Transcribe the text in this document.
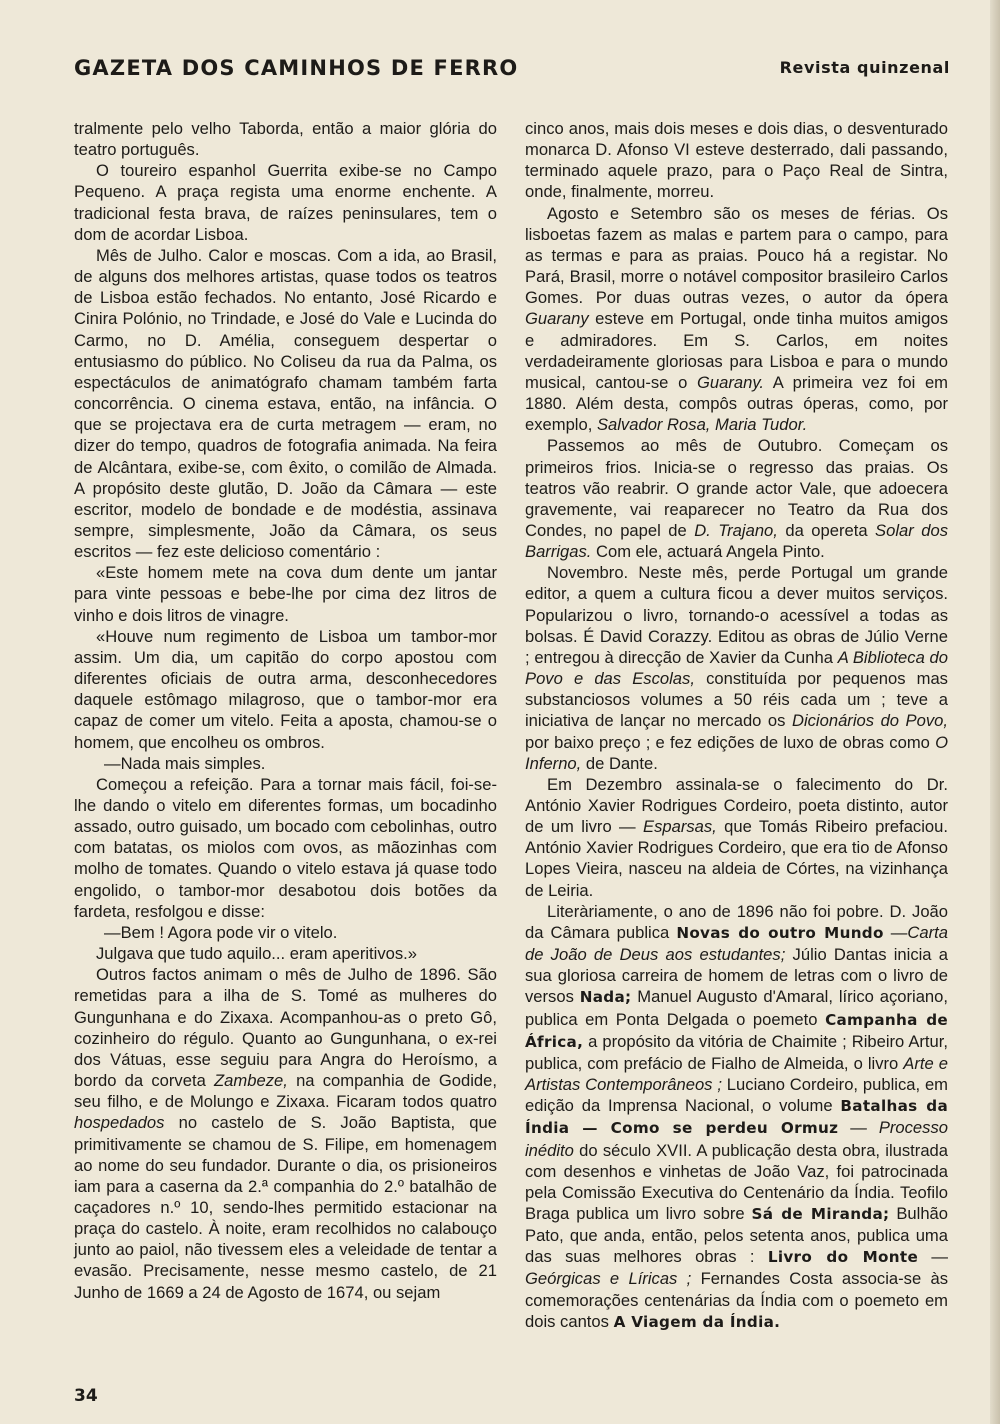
GAZETA DOS CAMINHOS DE FERRO	Revista quinzenal

tralmente pelo velho Taborda, então a maior glória do teatro português.

O toureiro espanhol Guerrita exibe-se no Campo Pequeno. A praça regista uma enorme enchente. A tradicional festa brava, de raízes peninsulares, tem o dom de acordar Lisboa.

Mês de Julho. Calor e moscas. Com a ida, ao Brasil, de alguns dos melhores artistas, quase todos os teatros de Lisboa estão fechados. No entanto, José Ricardo e Cinira Polónio, no Trindade, e José do Vale e Lucinda do Carmo, no D. Amélia, conseguem despertar o entusiasmo do público. No Coliseu da rua da Palma, os espectáculos de animatógrafo chamam também farta concorrência. O cinema estava, então, na infância. O que se projectava era de curta metragem — eram, no dizer do tempo, quadros de fotografia animada. Na feira de Alcântara, exibe-se, com êxito, o comilão de Almada. A propósito deste glutão, D. João da Câmara — este escritor, modelo de bondade e de modéstia, assinava sempre, simplesmente, João da Câmara, os seus escritos — fez este delicioso comentário :

«Este homem mete na cova dum dente um jantar para vinte pessoas e bebe-lhe por cima dez litros de vinho e dois litros de vinagre.

«Houve num regimento de Lisboa um tambor-mor assim. Um dia, um capitão do corpo apostou com diferentes oficiais de outra arma, desconhecedores daquele estômago milagroso, que o tambor-mor era capaz de comer um vitelo. Feita a aposta, chamou-se o homem, que encolheu os ombros.

—Nada mais simples.

Começou a refeição. Para a tornar mais fácil, foi-se-lhe dando o vitelo em diferentes formas, um bocadinho assado, outro guisado, um bocado com cebolinhas, outro com batatas, os miolos com ovos, as mãozinhas com molho de tomates. Quando o vitelo estava já quase todo engolido, o tambor-mor desabotou dois botões da fardeta, resfolgou e disse:

—Bem ! Agora pode vir o vitelo.

Julgava que tudo aquilo... eram aperitivos.»

Outros factos animam o mês de Julho de 1896. São remetidas para a ilha de S. Tomé as mulheres do Gungunhana e do Zixaxa. Acompanhou-as o preto Gô, cozinheiro do régulo. Quanto ao Gungunhana, o ex-rei dos Vátuas, esse seguiu para Angra do Heroísmo, a bordo da corveta Zambeze, na companhia de Godide, seu filho, e de Molungo e Zixaxa. Ficaram todos quatro hospedados no castelo de S. João Baptista, que primitivamente se chamou de S. Filipe, em homenagem ao nome do seu fundador. Durante o dia, os prisioneiros iam para a caserna da 2.ª companhia do 2.º batalhão de caçadores n.º 10, sendo-lhes permitido estacionar na praça do castelo. À noite, eram recolhidos no calabouço junto ao paiol, não tivessem eles a veleidade de tentar a evasão. Precisamente, nesse mesmo castelo, de 21 Junho de 1669 a 24 de Agosto de 1674, ou sejam

cinco anos, mais dois meses e dois dias, o desventurado monarca D. Afonso VI esteve desterrado, dali passando, terminado aquele prazo, para o Paço Real de Sintra, onde, finalmente, morreu.

Agosto e Setembro são os meses de férias. Os lisboetas fazem as malas e partem para o campo, para as termas e para as praias. Pouco há a registar. No Pará, Brasil, morre o notável compositor brasileiro Carlos Gomes. Por duas outras vezes, o autor da ópera Guarany esteve em Portugal, onde tinha muitos amigos e admiradores. Em S. Carlos, em noites verdadeiramente gloriosas para Lisboa e para o mundo musical, cantou-se o Guarany. A primeira vez foi em 1880. Além desta, compôs outras óperas, como, por exemplo, Salvador Rosa, Maria Tudor.

Passemos ao mês de Outubro. Começam os primeiros frios. Inicia-se o regresso das praias. Os teatros vão reabrir. O grande actor Vale, que adoecera gravemente, vai reaparecer no Teatro da Rua dos Condes, no papel de D. Trajano, da opereta Solar dos Barrigas. Com ele, actuará Angela Pinto.

Novembro. Neste mês, perde Portugal um grande editor, a quem a cultura ficou a dever muitos serviços. Popularizou o livro, tornando-o acessível a todas as bolsas. É David Corazzy. Editou as obras de Júlio Verne ; entregou à direcção de Xavier da Cunha A Biblioteca do Povo e das Escolas, constituída por pequenos mas substanciosos volumes a 50 réis cada um ; teve a iniciativa de lançar no mercado os Dicionários do Povo, por baixo preço ; e fez edições de luxo de obras como O Inferno, de Dante.

Em Dezembro assinala-se o falecimento do Dr. António Xavier Rodrigues Cordeiro, poeta distinto, autor de um livro — Esparsas, que Tomás Ribeiro prefaciou. António Xavier Rodrigues Cordeiro, que era tio de Afonso Lopes Vieira, nasceu na aldeia de Córtes, na vizinhança de Leiria.

Literàriamente, o ano de 1896 não foi pobre. D. João da Câmara publica Novas do outro Mundo —Carta de João de Deus aos estudantes; Júlio Dantas inicia a sua gloriosa carreira de homem de letras com o livro de versos Nada; Manuel Augusto d'Amaral, lírico açoriano, publica em Ponta Delgada o poemeto Campanha de África, a propósito da vitória de Chaimite ; Ribeiro Artur, publica, com prefácio de Fialho de Almeida, o livro Arte e Artistas Contemporâneos ; Luciano Cordeiro, publica, em edição da Imprensa Nacional, o volume Batalhas da Índia — Como se perdeu Ormuz — Processo inédito do século XVII. A publicação desta obra, ilustrada com desenhos e vinhetas de João Vaz, foi patrocinada pela Comissão Executiva do Centenário da Índia. Teofilo Braga publica um livro sobre Sá de Miranda; Bulhão Pato, que anda, então, pelos setenta anos, publica uma das suas melhores obras : Livro do Monte — Geórgicas e Líricas ; Fernandes Costa associa-se às comemorações centenárias da Índia com o poemeto em dois cantos A Viagem da Índia.

34
